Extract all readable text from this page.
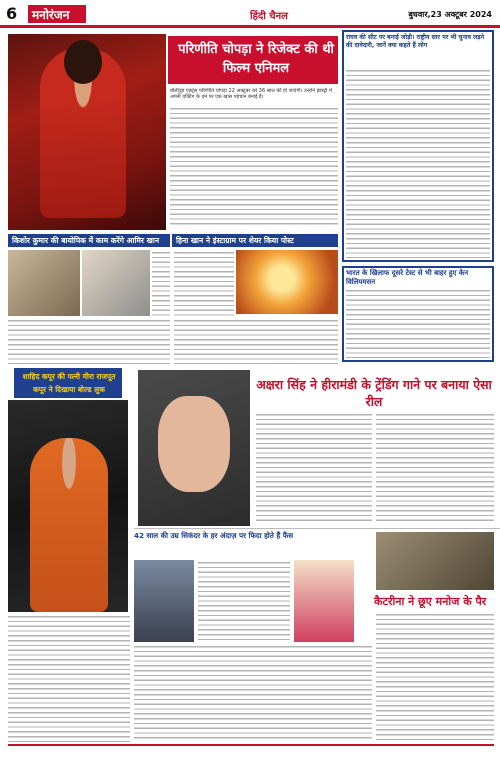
6 मनोरंजन	हिंदी चैनल	बुधवार,23 अक्टूबर 2024
परिणीति चोपड़ा ने रिजेक्ट की थी फिल्म एनिमल
बॉलीवुड एक्ट्रेस परिणीति चोपड़ा 22 अक्टूबर को 36 साल की हो जाएंगी। उन्होंने इंडस्ट्री में अपनी एक्टिंग के दम पर एक खास पहचान बनाई है।
राघव की सीट पर बनाई जोड़ी। राष्ट्रीय स्तर पर भी चुनाव लड़ने की दावेदारी, जानें क्या कहते हैं लोग
भारत के खिलाफ दूसरे टेस्ट से भी बाहर हुए केन विलियमसन
किशोर कुमार की बायोपिक में काम करेंगे आमिर खान हिना खान ने इंस्टाग्राम पर शेयर किया पोस्ट
शाहिद कपूर की पत्नी मीरा राजपूत कपूर ने दिखाया बोल्ड लुक	अक्षरा सिंह ने हीरामंडी के ट्रेंडिंग गाने पर बनाया ऐसा रील
42 साल की उम्र सिकंदर के हर अंदाज़ पर फिदा होते हैं फैंस
कैटरीना ने छूए मनोज के पैर
